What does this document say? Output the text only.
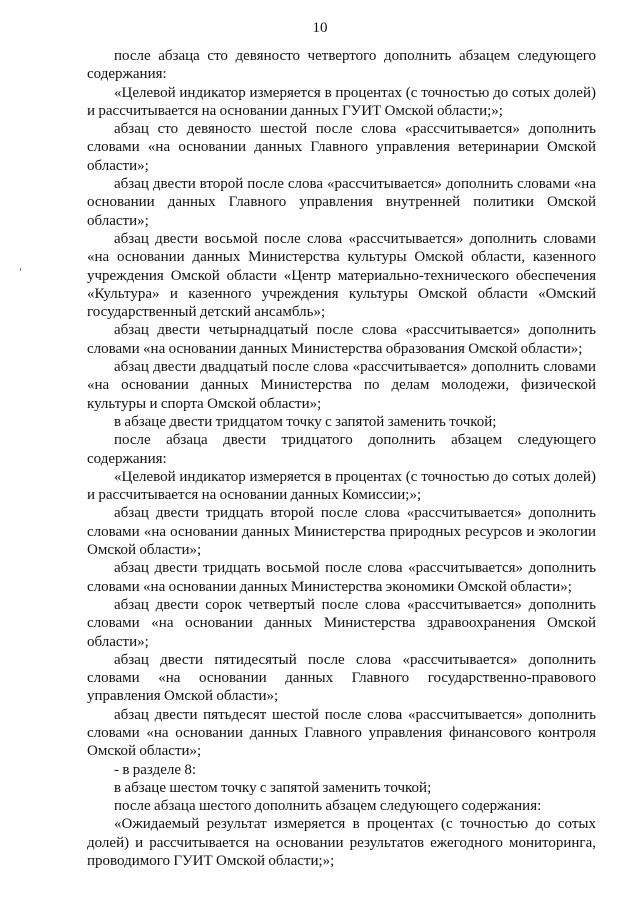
10

после абзаца сто девяносто четвертого дополнить абзацем следующего содержания:

«Целевой индикатор измеряется в процентах (с точностью до сотых долей) и рассчитывается на основании данных ГУИТ Омской области;»;

абзац сто девяносто шестой после слова «рассчитывается» дополнить словами «на основании данных Главного управления ветеринарии Омской области»;

абзац двести второй после слова «рассчитывается» дополнить словами «на основании данных Главного управления внутренней политики Омской области»;

абзац двести восьмой после слова «рассчитывается» дополнить словами «на основании данных Министерства культуры Омской области, казенного учреждения Омской области «Центр материально-технического обеспечения «Культура» и казенного учреждения культуры Омской области «Омский государственный детский ансамбль»;

абзац двести четырнадцатый после слова «рассчитывается» дополнить словами «на основании данных Министерства образования Омской области»;

абзац двести двадцатый после слова «рассчитывается» дополнить словами «на основании данных Министерства по делам молодежи, физической культуры и спорта Омской области»;

в абзаце двести тридцатом точку с запятой заменить точкой;

после абзаца двести тридцатого дополнить абзацем следующего содержания:

«Целевой индикатор измеряется в процентах (с точностью до сотых долей) и рассчитывается на основании данных Комиссии;»;

абзац двести тридцать второй после слова «рассчитывается» дополнить словами «на основании данных Министерства природных ресурсов и экологии Омской области»;

абзац двести тридцать восьмой после слова «рассчитывается» дополнить словами «на основании данных Министерства экономики Омской области»;

абзац двести сорок четвертый после слова «рассчитывается» дополнить словами «на основании данных Министерства здравоохранения Омской области»;

абзац двести пятидесятый после слова «рассчитывается» дополнить словами «на основании данных Главного государственно-правового управления Омской области»;

абзац двести пятьдесят шестой после слова «рассчитывается» дополнить словами «на основании данных Главного управления финансового контроля Омской области»;

- в разделе 8:

в абзаце шестом точку с запятой заменить точкой;

после абзаца шестого дополнить абзацем следующего содержания:

«Ожидаемый результат измеряется в процентах (с точностью до сотых долей) и рассчитывается на основании результатов ежегодного мониторинга, проводимого ГУИТ Омской области;»;
